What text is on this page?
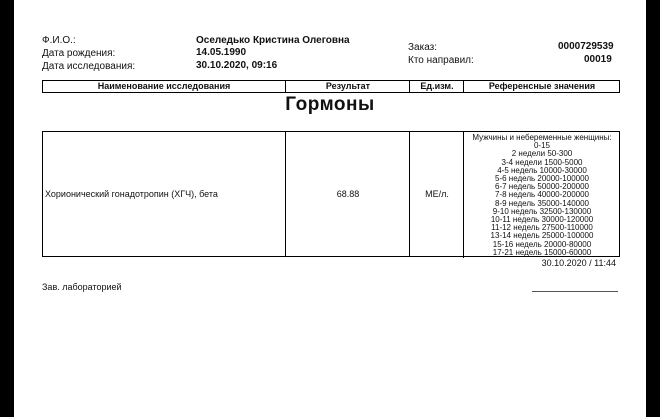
Ф.И.О.:	Оселедько Кристина Олеговна
Дата рождения:	14.05.1990
Дата исследования:	30.10.2020, 09:16
Заказ:	0000729539
Кто направил:	00019
Наименование исследования	Результат	Ед.изм.	Референсные значения
Гормоны
Хорионический гонадотропин (ХГЧ), бета	68.88	МЕ/л.
Мужчины и небеременные женщины:
0-15
2 недели 50-300
3-4 недели 1500-5000
4-5 недель 10000-30000
5-6 недель 20000-100000
6-7 недель 50000-200000
7-8 недель 40000-200000
8-9 недель 35000-140000
9-10 недель 32500-130000
10-11 недель 30000-120000
11-12 недель 27500-110000
13-14 недель 25000-100000
15-16 недель 20000-80000
17-21 недель 15000-60000
30.10.2020 / 11:44
Зав. лабораторией
